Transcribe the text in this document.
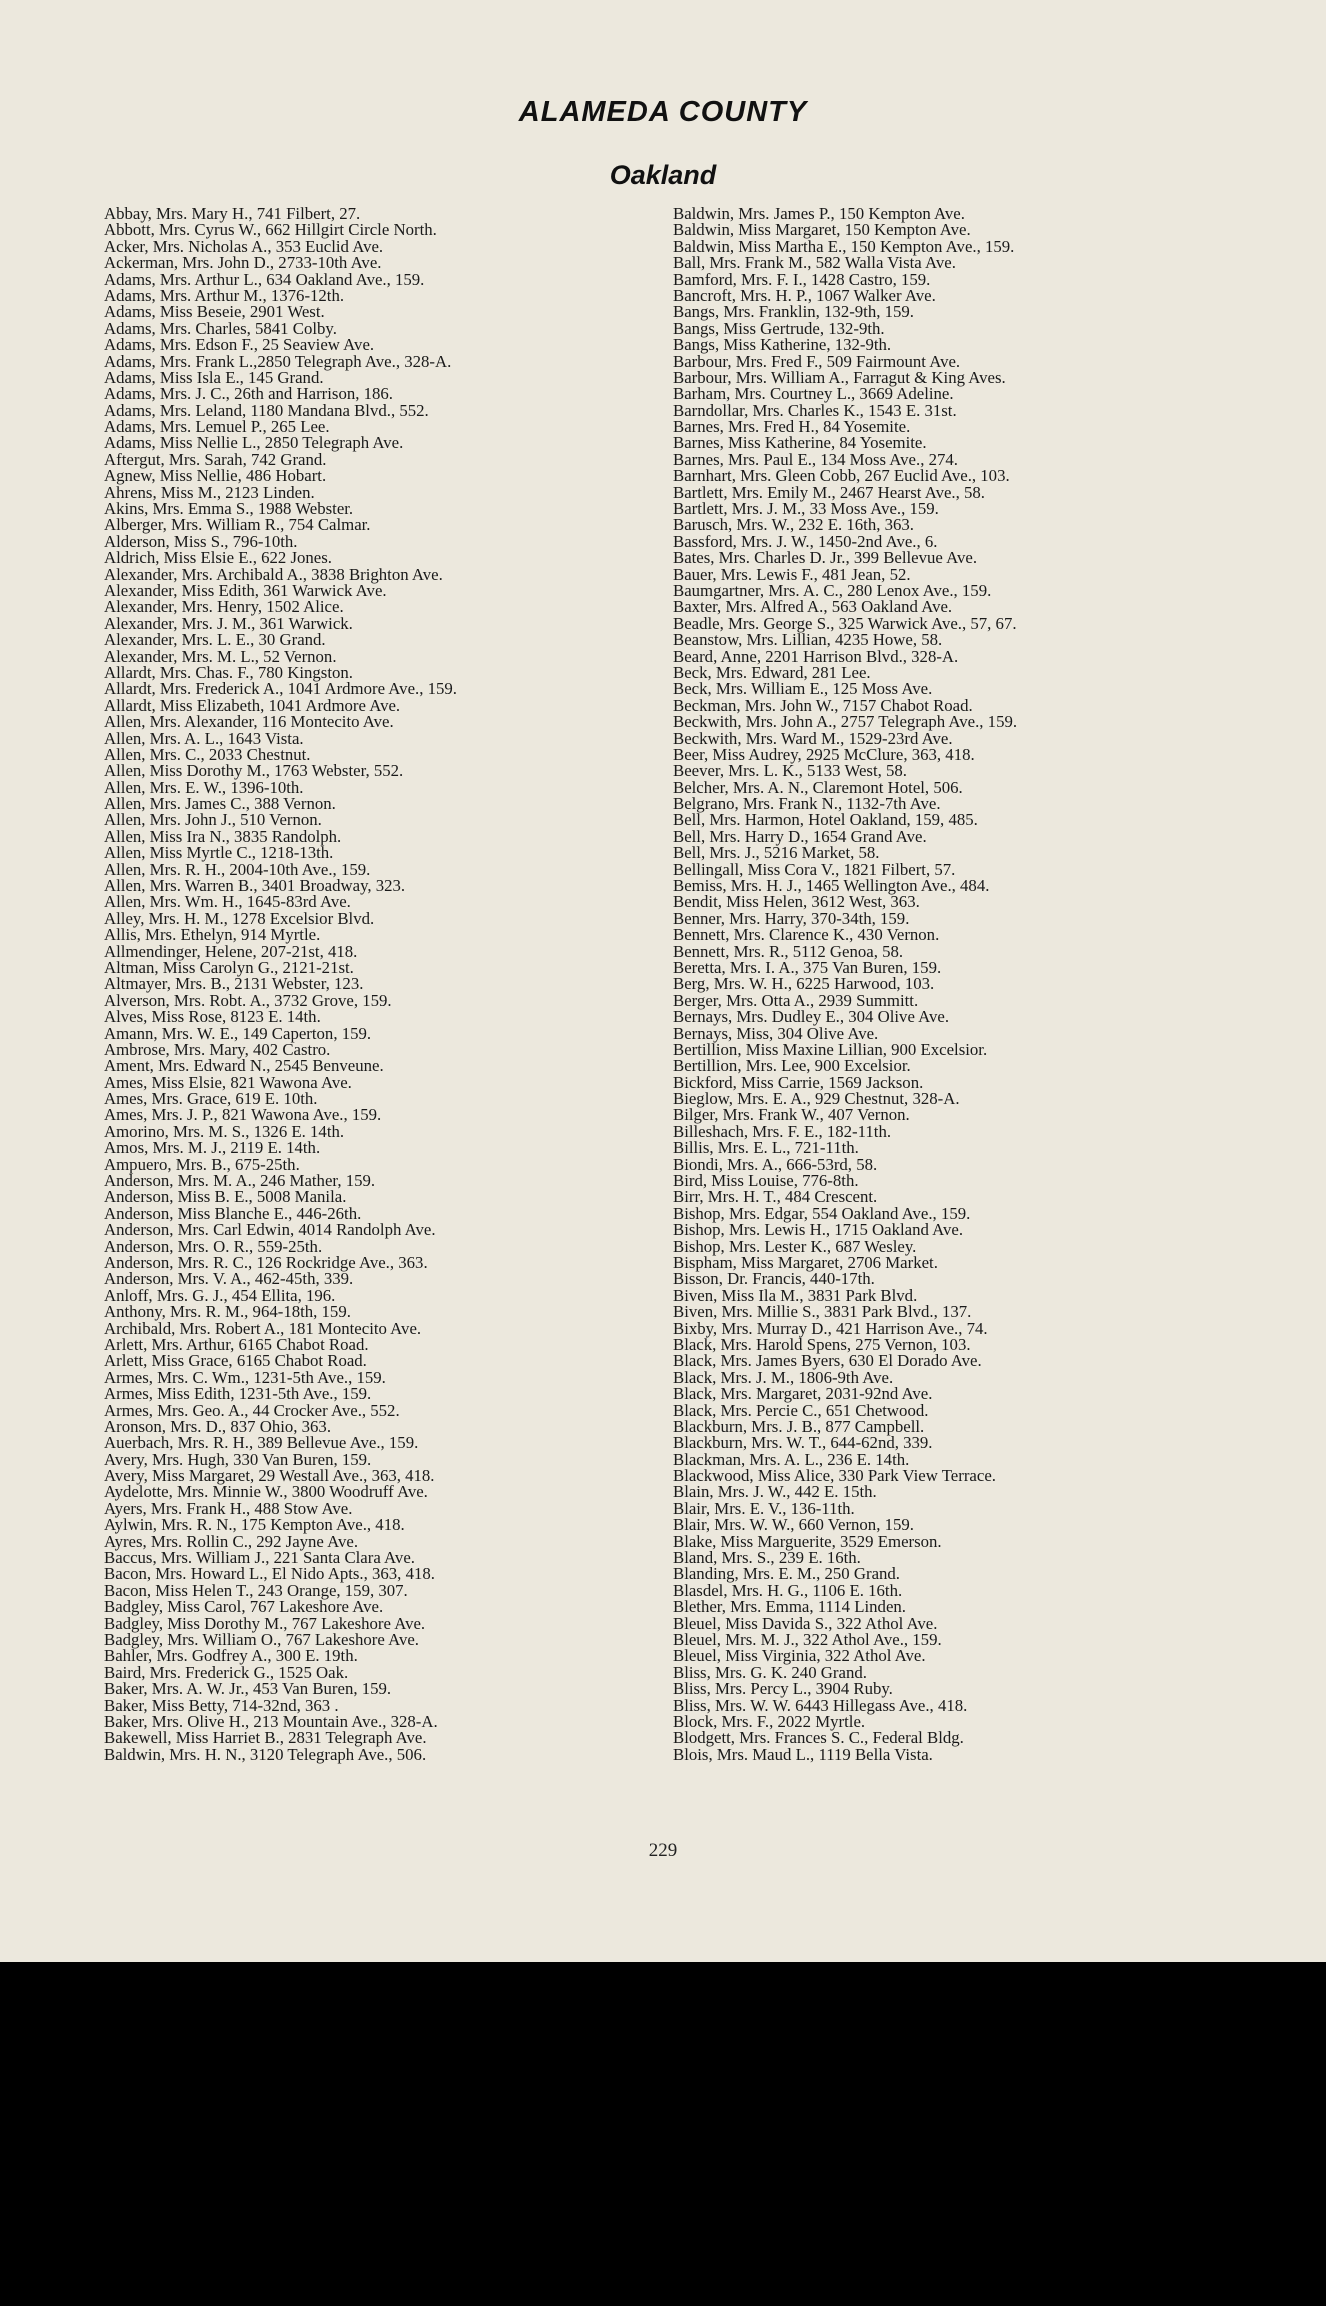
ALAMEDA COUNTY
Oakland
Abbay, Mrs. Mary H., 741 Filbert, 27.
Abbott, Mrs. Cyrus W., 662 Hillgirt Circle North.
Acker, Mrs. Nicholas A., 353 Euclid Ave.
Ackerman, Mrs. John D., 2733-10th Ave.
Adams, Mrs. Arthur L., 634 Oakland Ave., 159.
Adams, Mrs. Arthur M., 1376-12th.
Adams, Miss Beseie, 2901 West.
Adams, Mrs. Charles, 5841 Colby.
Adams, Mrs. Edson F., 25 Seaview Ave.
Adams, Mrs. Frank L.,2850 Telegraph Ave., 328-A.
Adams, Miss Isla E., 145 Grand.
Adams, Mrs. J. C., 26th and Harrison, 186.
Adams, Mrs. Leland, 1180 Mandana Blvd., 552.
Adams, Mrs. Lemuel P., 265 Lee.
Adams, Miss Nellie L., 2850 Telegraph Ave.
Aftergut, Mrs. Sarah, 742 Grand.
Agnew, Miss Nellie, 486 Hobart.
Ahrens, Miss M., 2123 Linden.
Akins, Mrs. Emma S., 1988 Webster.
Alberger, Mrs. William R., 754 Calmar.
Alderson, Miss S., 796-10th.
Aldrich, Miss Elsie E., 622 Jones.
Alexander, Mrs. Archibald A., 3838 Brighton Ave.
Alexander, Miss Edith, 361 Warwick Ave.
Alexander, Mrs. Henry, 1502 Alice.
Alexander, Mrs. J. M., 361 Warwick.
Alexander, Mrs. L. E., 30 Grand.
Alexander, Mrs. M. L., 52 Vernon.
Allardt, Mrs. Chas. F., 780 Kingston.
Allardt, Mrs. Frederick A., 1041 Ardmore Ave., 159.
Allardt, Miss Elizabeth, 1041 Ardmore Ave.
Allen, Mrs. Alexander, 116 Montecito Ave.
Allen, Mrs. A. L., 1643 Vista.
Allen, Mrs. C., 2033 Chestnut.
Allen, Miss Dorothy M., 1763 Webster, 552.
Allen, Mrs. E. W., 1396-10th.
Allen, Mrs. James C., 388 Vernon.
Allen, Mrs. John J., 510 Vernon.
Allen, Miss Ira N., 3835 Randolph.
Allen, Miss Myrtle C., 1218-13th.
Allen, Mrs. R. H., 2004-10th Ave., 159.
Allen, Mrs. Warren B., 3401 Broadway, 323.
Allen, Mrs. Wm. H., 1645-83rd Ave.
Alley, Mrs. H. M., 1278 Excelsior Blvd.
Allis, Mrs. Ethelyn, 914 Myrtle.
Allmendinger, Helene, 207-21st, 418.
Altman, Miss Carolyn G., 2121-21st.
Altmayer, Mrs. B., 2131 Webster, 123.
Alverson, Mrs. Robt. A., 3732 Grove, 159.
Alves, Miss Rose, 8123 E. 14th.
Amann, Mrs. W. E., 149 Caperton, 159.
Ambrose, Mrs. Mary, 402 Castro.
Ament, Mrs. Edward N., 2545 Benveune.
Ames, Miss Elsie, 821 Wawona Ave.
Ames, Mrs. Grace, 619 E. 10th.
Ames, Mrs. J. P., 821 Wawona Ave., 159.
Amorino, Mrs. M. S., 1326 E. 14th.
Amos, Mrs. M. J., 2119 E. 14th.
Ampuero, Mrs. B., 675-25th.
Anderson, Mrs. M. A., 246 Mather, 159.
Anderson, Miss B. E., 5008 Manila.
Anderson, Miss Blanche E., 446-26th.
Anderson, Mrs. Carl Edwin, 4014 Randolph Ave.
Anderson, Mrs. O. R., 559-25th.
Anderson, Mrs. R. C., 126 Rockridge Ave., 363.
Anderson, Mrs. V. A., 462-45th, 339.
Anloff, Mrs. G. J., 454 Ellita, 196.
Anthony, Mrs. R. M., 964-18th, 159.
Archibald, Mrs. Robert A., 181 Montecito Ave.
Arlett, Mrs. Arthur, 6165 Chabot Road.
Arlett, Miss Grace, 6165 Chabot Road.
Armes, Mrs. C. Wm., 1231-5th Ave., 159.
Armes, Miss Edith, 1231-5th Ave., 159.
Armes, Mrs. Geo. A., 44 Crocker Ave., 552.
Aronson, Mrs. D., 837 Ohio, 363.
Auerbach, Mrs. R. H., 389 Bellevue Ave., 159.
Avery, Mrs. Hugh, 330 Van Buren, 159.
Avery, Miss Margaret, 29 Westall Ave., 363, 418.
Aydelotte, Mrs. Minnie W., 3800 Woodruff Ave.
Ayers, Mrs. Frank H., 488 Stow Ave.
Aylwin, Mrs. R. N., 175 Kempton Ave., 418.
Ayres, Mrs. Rollin C., 292 Jayne Ave.
Baccus, Mrs. William J., 221 Santa Clara Ave.
Bacon, Mrs. Howard L., El Nido Apts., 363, 418.
Bacon, Miss Helen T., 243 Orange, 159, 307.
Badgley, Miss Carol, 767 Lakeshore Ave.
Badgley, Miss Dorothy M., 767 Lakeshore Ave.
Badgley, Mrs. William O., 767 Lakeshore Ave.
Bahler, Mrs. Godfrey A., 300 E. 19th.
Baird, Mrs. Frederick G., 1525 Oak.
Baker, Mrs. A. W. Jr., 453 Van Buren, 159.
Baker, Miss Betty, 714-32nd, 363 .
Baker, Mrs. Olive H., 213 Mountain Ave., 328-A.
Bakewell, Miss Harriet B., 2831 Telegraph Ave.
Baldwin, Mrs. H. N., 3120 Telegraph Ave., 506.
Baldwin, Mrs. James P., 150 Kempton Ave.
Baldwin, Miss Margaret, 150 Kempton Ave.
Baldwin, Miss Martha E., 150 Kempton Ave., 159.
Ball, Mrs. Frank M., 582 Walla Vista Ave.
Bamford, Mrs. F. I., 1428 Castro, 159.
Bancroft, Mrs. H. P., 1067 Walker Ave.
Bangs, Mrs. Franklin, 132-9th, 159.
Bangs, Miss Gertrude, 132-9th.
Bangs, Miss Katherine, 132-9th.
Barbour, Mrs. Fred F., 509 Fairmount Ave.
Barbour, Mrs. William A., Farragut & King Aves.
Barham, Mrs. Courtney L., 3669 Adeline.
Barndollar, Mrs. Charles K., 1543 E. 31st.
Barnes, Mrs. Fred H., 84 Yosemite.
Barnes, Miss Katherine, 84 Yosemite.
Barnes, Mrs. Paul E., 134 Moss Ave., 274.
Barnhart, Mrs. Gleen Cobb, 267 Euclid Ave., 103.
Bartlett, Mrs. Emily M., 2467 Hearst Ave., 58.
Bartlett, Mrs. J. M., 33 Moss Ave., 159.
Barusch, Mrs. W., 232 E. 16th, 363.
Bassford, Mrs. J. W., 1450-2nd Ave., 6.
Bates, Mrs. Charles D. Jr., 399 Bellevue Ave.
Bauer, Mrs. Lewis F., 481 Jean, 52.
Baumgartner, Mrs. A. C., 280 Lenox Ave., 159.
Baxter, Mrs. Alfred A., 563 Oakland Ave.
Beadle, Mrs. George S., 325 Warwick Ave., 57, 67.
Beanstow, Mrs. Lillian, 4235 Howe, 58.
Beard, Anne, 2201 Harrison Blvd., 328-A.
Beck, Mrs. Edward, 281 Lee.
Beck, Mrs. William E., 125 Moss Ave.
Beckman, Mrs. John W., 7157 Chabot Road.
Beckwith, Mrs. John A., 2757 Telegraph Ave., 159.
Beckwith, Mrs. Ward M., 1529-23rd Ave.
Beer, Miss Audrey, 2925 McClure, 363, 418.
Beever, Mrs. L. K., 5133 West, 58.
Belcher, Mrs. A. N., Claremont Hotel, 506.
Belgrano, Mrs. Frank N., 1132-7th Ave.
Bell, Mrs. Harmon, Hotel Oakland, 159, 485.
Bell, Mrs. Harry D., 1654 Grand Ave.
Bell, Mrs. J., 5216 Market, 58.
Bellingall, Miss Cora V., 1821 Filbert, 57.
Bemiss, Mrs. H. J., 1465 Wellington Ave., 484.
Bendit, Miss Helen, 3612 West, 363.
Benner, Mrs. Harry, 370-34th, 159.
Bennett, Mrs. Clarence K., 430 Vernon.
Bennett, Mrs. R., 5112 Genoa, 58.
Beretta, Mrs. I. A., 375 Van Buren, 159.
Berg, Mrs. W. H., 6225 Harwood, 103.
Berger, Mrs. Otta A., 2939 Summitt.
Bernays, Mrs. Dudley E., 304 Olive Ave.
Bernays, Miss, 304 Olive Ave.
Bertillion, Miss Maxine Lillian, 900 Excelsior.
Bertillion, Mrs. Lee, 900 Excelsior.
Bickford, Miss Carrie, 1569 Jackson.
Bieglow, Mrs. E. A., 929 Chestnut, 328-A.
Bilger, Mrs. Frank W., 407 Vernon.
Billeshach, Mrs. F. E., 182-11th.
Billis, Mrs. E. L., 721-11th.
Biondi, Mrs. A., 666-53rd, 58.
Bird, Miss Louise, 776-8th.
Birr, Mrs. H. T., 484 Crescent.
Bishop, Mrs. Edgar, 554 Oakland Ave., 159.
Bishop, Mrs. Lewis H., 1715 Oakland Ave.
Bishop, Mrs. Lester K., 687 Wesley.
Bispham, Miss Margaret, 2706 Market.
Bisson, Dr. Francis, 440-17th.
Biven, Miss Ila M., 3831 Park Blvd.
Biven, Mrs. Millie S., 3831 Park Blvd., 137.
Bixby, Mrs. Murray D., 421 Harrison Ave., 74.
Black, Mrs. Harold Spens, 275 Vernon, 103.
Black, Mrs. James Byers, 630 El Dorado Ave.
Black, Mrs. J. M., 1806-9th Ave.
Black, Mrs. Margaret, 2031-92nd Ave.
Black, Mrs. Percie C., 651 Chetwood.
Blackburn, Mrs. J. B., 877 Campbell.
Blackburn, Mrs. W. T., 644-62nd, 339.
Blackman, Mrs. A. L., 236 E. 14th.
Blackwood, Miss Alice, 330 Park View Terrace.
Blain, Mrs. J. W., 442 E. 15th.
Blair, Mrs. E. V., 136-11th.
Blair, Mrs. W. W., 660 Vernon, 159.
Blake, Miss Marguerite, 3529 Emerson.
Bland, Mrs. S., 239 E. 16th.
Blanding, Mrs. E. M., 250 Grand.
Blasdel, Mrs. H. G., 1106 E. 16th.
Blether, Mrs. Emma, 1114 Linden.
Bleuel, Miss Davida S., 322 Athol Ave.
Bleuel, Mrs. M. J., 322 Athol Ave., 159.
Bleuel, Miss Virginia, 322 Athol Ave.
Bliss, Mrs. G. K. 240 Grand.
Bliss, Mrs. Percy L., 3904 Ruby.
Bliss, Mrs. W. W. 6443 Hillegass Ave., 418.
Block, Mrs. F., 2022 Myrtle.
Blodgett, Mrs. Frances S. C., Federal Bldg.
Blois, Mrs. Maud L., 1119 Bella Vista.
229
